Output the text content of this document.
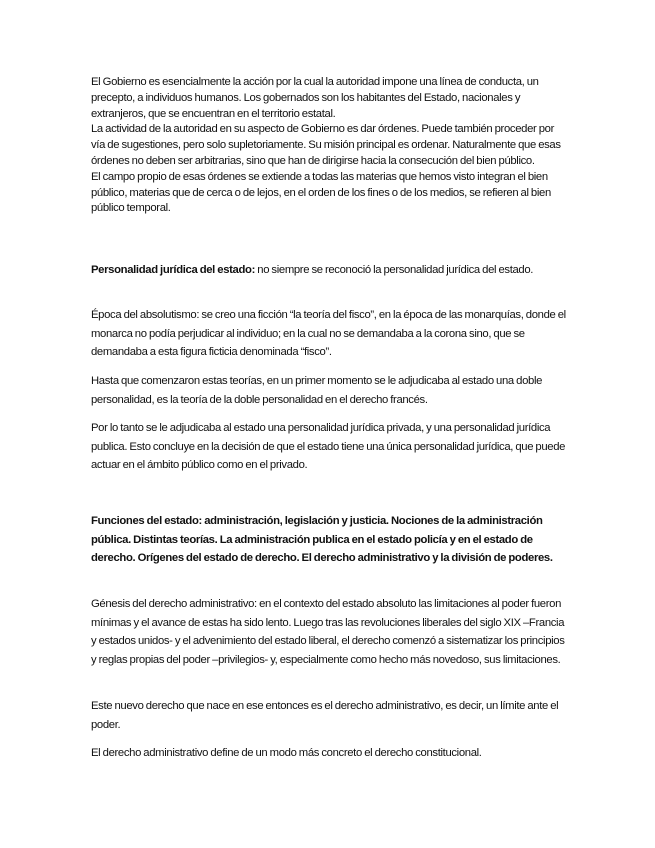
El Gobierno es esencialmente la acción por la cual la autoridad impone una línea de conducta, un precepto, a individuos humanos. Los gobernados son los habitantes del Estado, nacionales y extranjeros, que se encuentran en el territorio estatal.

La actividad de la autoridad en su aspecto de Gobierno es dar órdenes. Puede también proceder por vía de sugestiones, pero solo supletoriamente. Su misión principal es ordenar. Naturalmente que esas órdenes no deben ser arbitrarias, sino que han de dirigirse hacia la consecución del bien público.

El campo propio de esas órdenes se extiende a todas las materias que hemos visto integran el bien público, materias que de cerca o de lejos, en el orden de los fines o de los medios, se refieren al bien público temporal.

Personalidad jurídica del estado: no siempre se reconoció la personalidad jurídica del estado.

Época del absolutismo: se creo una ficción “la teoría del fisco”, en la época de las monarquías, donde el monarca no podía perjudicar al individuo; en la cual no se demandaba a la corona sino, que se demandaba a esta figura ficticia denominada “fisco”.

Hasta que comenzaron estas teorías, en un primer momento se le adjudicaba al estado una doble personalidad, es la teoría de la doble personalidad en el derecho francés.

Por lo tanto se le adjudicaba al estado una personalidad jurídica privada, y una personalidad jurídica publica. Esto concluye en la decisión de que el estado tiene una única personalidad jurídica, que puede actuar en el ámbito público como en el privado.

Funciones del estado: administración, legislación y justicia. Nociones de la administración pública. Distintas teorías. La administración publica en el estado policía y en el estado de derecho. Orígenes del estado de derecho. El derecho administrativo y la división de poderes.

Génesis del derecho administrativo: en el contexto del estado absoluto las limitaciones al poder fueron mínimas y el avance de estas ha sido lento. Luego tras las revoluciones liberales del siglo XIX –Francia y estados unidos- y el advenimiento del estado liberal, el derecho comenzó a sistematizar los principios y reglas propias del poder –privilegios- y, especialmente como hecho más novedoso, sus limitaciones.

Este nuevo derecho que nace en ese entonces es el derecho administrativo, es decir, un límite ante el poder.

El derecho administrativo define de un modo más concreto el derecho constitucional.
